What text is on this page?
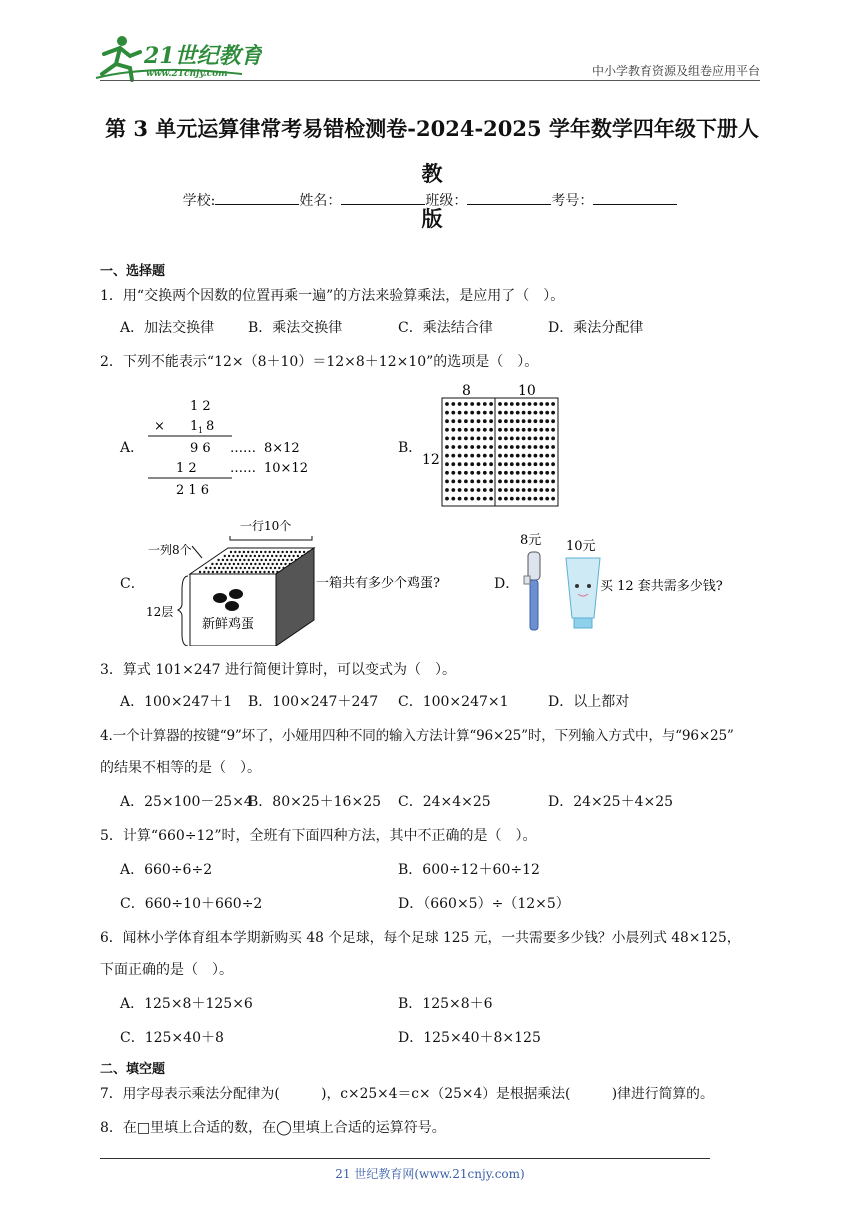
21世纪教育
www.21cnjy.com	中小学教育资源及组卷应用平台
第 3 单元运算律常考易错检测卷-2024-2025 学年数学四年级下册人教
版
学校:	姓名：	班级：	考号：
一、选择题
1．用“交换两个因数的位置再乘一遍”的方法来验算乘法，是应用了（　）。
A．加法交换律 B．乘法交换律	C．乘法结合律	D．乘法分配律
2．下列不能表示“12×（8＋10）＝12×8＋12×10”的选项是（　）。
A．
1 2
× 1 1 8
9 6 …… 8×12
1 2	…… 10×12
2 1 6
B．
8	10
12
C．
一行10个
一列8个
新鲜鸡蛋
12层
一箱共有多少个鸡蛋?	D．
8元 10元
买 12 套共需多少钱?
3．算式 101×247 进行简便计算时，可以变式为（　）。
A．100×247＋1 B．100×247＋247 C．100×247×1	D．以上都对
4.一个计算器的按键“9”坏了，小娅用四种不同的输入方法计算“96×25”时，下列输入方式中，与“96×25”
的结果不相等的是（　）。
A．25×100－25×4
B．80×25＋16×25 C．24×4×25	D．24×25＋4×25
5．计算“660÷12”时，全班有下面四种方法，其中不正确的是（　）。
A．660÷6÷2	B．600÷12＋60÷12
C．660÷10＋660÷2	D．（660×5）÷（12×5）
6．闻林小学体育组本学期新购买 48 个足球，每个足球 125 元，一共需要多少钱？小晨列式 48×125，
下面正确的是（　）。
A．125×8＋125×6	B．125×8＋6
C．125×40＋8	D．125×40＋8×125
二、填空题
7．用字母表示乘法分配律为(　　　)，c×25×4＝c×（25×4）是根据乘法(　　　)律进行简算的。
8．在□里填上合适的数，在◯里填上合适的运算符号。
21 世纪教育网(www.21cnjy.com)
